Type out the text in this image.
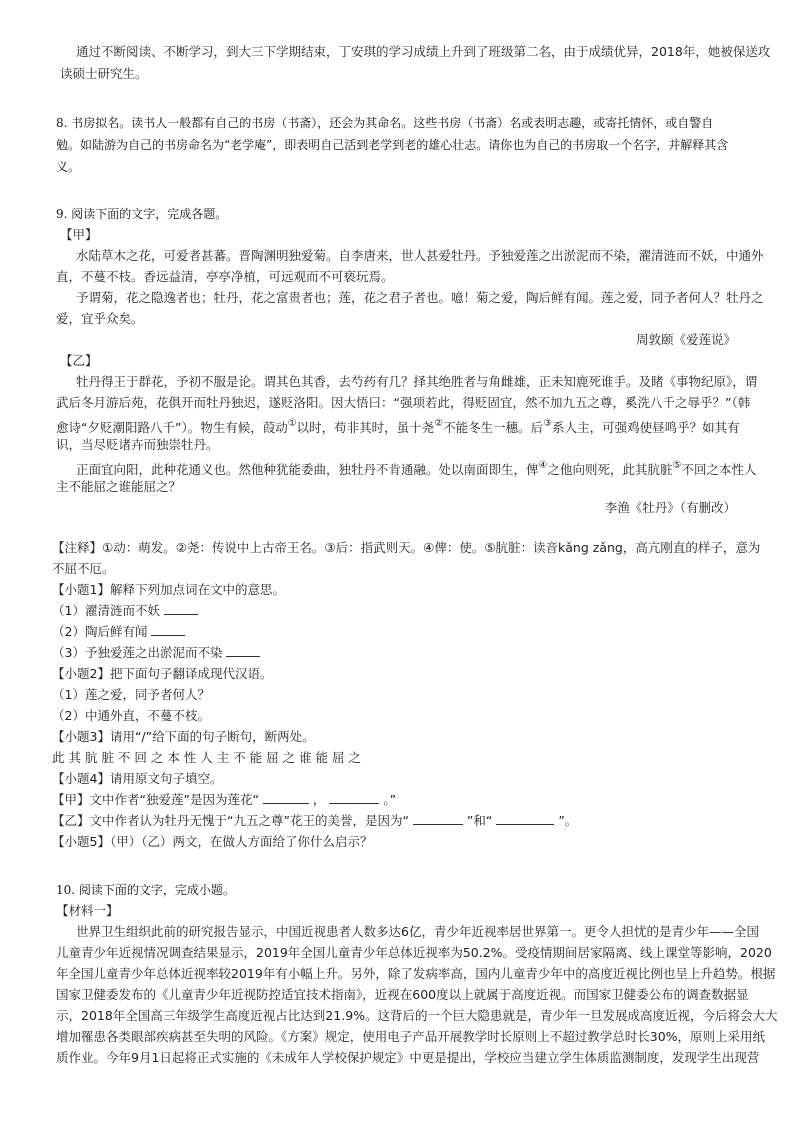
通过不断阅读、不断学习，到大三下学期结束，丁安琪的学习成绩上升到了班级第二名，由于成绩优异，2018年，她被保送攻
读硕士研究生。
8. 书房拟名。读书人一般都有自己的书房（书斋），还会为其命名。这些书房（书斋）名或表明志趣，或寄托情怀，或自警自
勉。如陆游为自己的书房命名为“老学庵”，即表明自己活到老学到老的雄心壮志。请你也为自己的书房取一个名字，并解释其含
义。
9. 阅读下面的文字，完成各题。
【甲】
水陆草木之花，可爱者甚蕃。晋陶渊明独爱菊。自李唐来，世人甚爱牡丹。予独爱莲之出淤泥而不染，濯清涟而不妖，中通外
直，不蔓不枝。香远益清，亭亭净植，可远观而不可亵玩焉。
予谓菊，花之隐逸者也；牡丹，花之富贵者也；莲，花之君子者也。噫！菊之爱，陶后鲜有闻。莲之爱，同予者何人？牡丹之
爱，宜乎众矣。
周敦颐《爱莲说》
【乙】
牡丹得王于群花，予初不服是论。谓其色其香，去芍药有几？择其绝胜者与角雌雄，正未知鹿死谁手。及睹《事物纪原》，谓
武后冬月游后苑，花俱开而牡丹独迟，遂贬洛阳。因大悟曰：“强项若此，得贬固宜，然不加九五之尊，奚洗八千之辱乎？”（韩
愈诗“夕贬潮阳路八千”）。物生有候，葭动①以时，苟非其时，虽十尧②不能冬生一穗。后③系人主，可强鸡使昼鸣乎？如其有
识，当尽贬诸卉而独崇牡丹。
正面宜向阳，此种花通义也。然他种犹能委曲，独牡丹不肯通融。处以南面即生，俾④之他向则死，此其肮脏⑤不回之本性人
主不能屈之谁能屈之？
李渔《牡丹》（有删改）
【注释】①动：萌发。②尧：传说中上古帝王名。③后：指武则天。④俾：使。⑤肮脏：读音kǎng zǎng，高亢刚直的样子，意为
不屈不厄。
【小题1】解释下列加点词在文中的意思。
（1）濯清涟而不妖
（2）陶后鲜有闻
（3）予独爱莲之出淤泥而不染
【小题2】把下面句子翻译成现代汉语。
（1）莲之爱，同予者何人？
（2）中通外直，不蔓不枝。
【小题3】请用“/”给下面的句子断句，断两处。
此 其 肮 脏 不 回 之 本 性 人 主 不 能 屈 之 谁 能 屈 之
【小题4】请用原文句子填空。
【甲】文中作者“独爱莲”是因为莲花“	，	。”
【乙】文中作者认为牡丹无愧于“九五之尊”花王的美誉，是因为“	”和“	”。
【小题5】（甲）（乙）两文，在做人方面给了你什么启示？
10. 阅读下面的文字，完成小题。
【材料一】
世界卫生组织此前的研究报告显示，中国近视患者人数多达6亿，青少年近视率居世界第一。更令人担忧的是青少年——全国
儿童青少年近视情况调查结果显示，2019年全国儿童青少年总体近视率为50.2%。受疫情期间居家隔离、线上课堂等影响，2020
年全国儿童青少年总体近视率较2019年有小幅上升。另外，除了发病率高，国内儿童青少年中的高度近视比例也呈上升趋势。根据
国家卫健委发布的《儿童青少年近视防控适宜技术指南》，近视在600度以上就属于高度近视。而国家卫健委公布的调查数据显
示，2018年全国高三年级学生高度近视占比达到21.9%。这背后的一个巨大隐患就是，青少年一旦发展成高度近视，今后将会大大
增加罹患各类眼部疾病甚至失明的风险。《方案》规定，使用电子产品开展教学时长原则上不超过教学总时长30%，原则上采用纸
质作业。今年9月1日起将正式实施的《未成年人学校保护规定》中更是提出，学校应当建立学生体质监测制度，发现学生出现营
